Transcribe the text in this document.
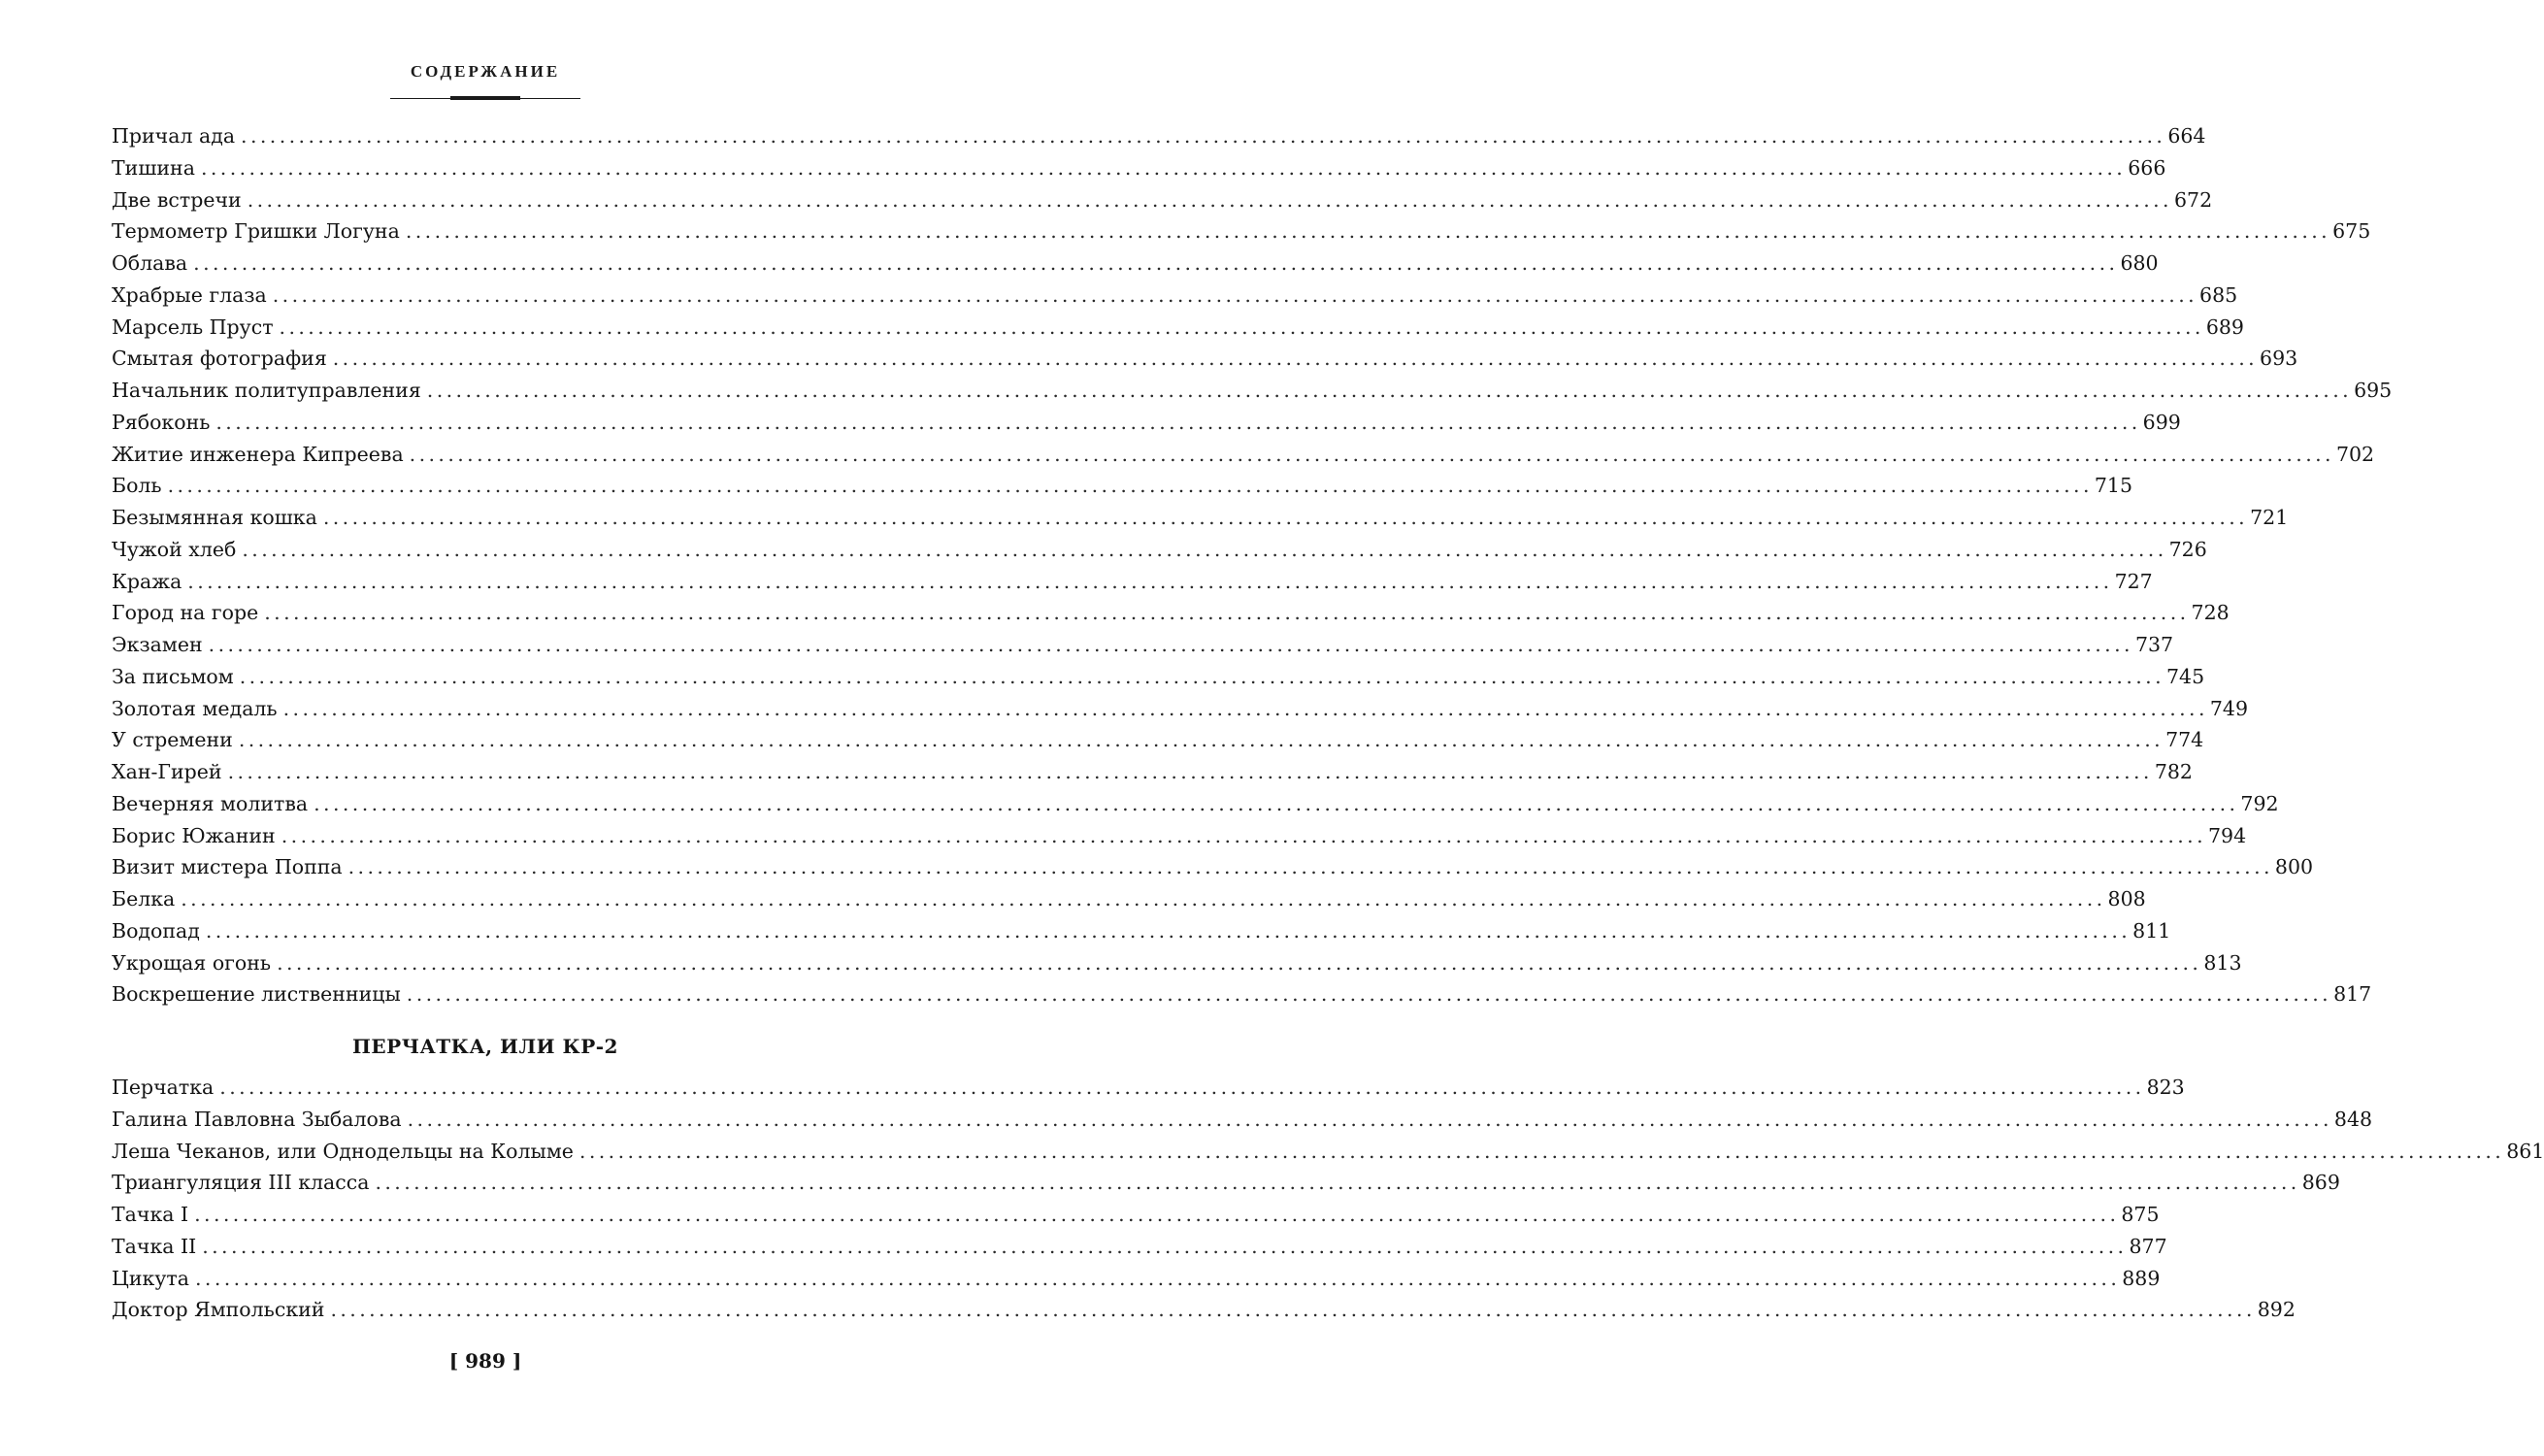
СОДЕРЖАНИЕ
Причал ада ........................................................................................................................................................................................................ 664
Тишина ........................................................................................................................................................................................................ 666
Две встречи ........................................................................................................................................................................................................ 672
Термометр Гришки Логуна ........................................................................................................................................................................................................ 675
Облава ........................................................................................................................................................................................................ 680
Храбрые глаза ........................................................................................................................................................................................................ 685
Марсель Пруст ........................................................................................................................................................................................................ 689
Смытая фотография ........................................................................................................................................................................................................ 693
Начальник политуправления ........................................................................................................................................................................................................ 695
Рябоконь ........................................................................................................................................................................................................ 699
Житие инженера Кипреева ........................................................................................................................................................................................................ 702
Боль ........................................................................................................................................................................................................ 715
Безымянная кошка ........................................................................................................................................................................................................ 721
Чужой хлеб ........................................................................................................................................................................................................ 726
Кража ........................................................................................................................................................................................................ 727
Город на горе ........................................................................................................................................................................................................ 728
Экзамен ........................................................................................................................................................................................................ 737
За письмом ........................................................................................................................................................................................................ 745
Золотая медаль ........................................................................................................................................................................................................ 749
У стремени ........................................................................................................................................................................................................ 774
Хан-Гирей ........................................................................................................................................................................................................ 782
Вечерняя молитва ........................................................................................................................................................................................................ 792
Борис Южанин ........................................................................................................................................................................................................ 794
Визит мистера Поппа ........................................................................................................................................................................................................ 800
Белка ........................................................................................................................................................................................................ 808
Водопад ........................................................................................................................................................................................................ 811
Укрощая огонь ........................................................................................................................................................................................................ 813
Воскрешение лиственницы ........................................................................................................................................................................................................ 817
ПЕРЧАТКА, ИЛИ КР-2
Перчатка ........................................................................................................................................................................................................ 823
Галина Павловна Зыбалова ........................................................................................................................................................................................................ 848
Леша Чеканов, или Однодельцы на Колыме ........................................................................................................................................................................................................ 861
Триангуляция III класса ........................................................................................................................................................................................................ 869
Тачка I ........................................................................................................................................................................................................ 875
Тачка II ........................................................................................................................................................................................................ 877
Цикута ........................................................................................................................................................................................................ 889
Доктор Ямпольский ........................................................................................................................................................................................................ 892
[ 989 ]
